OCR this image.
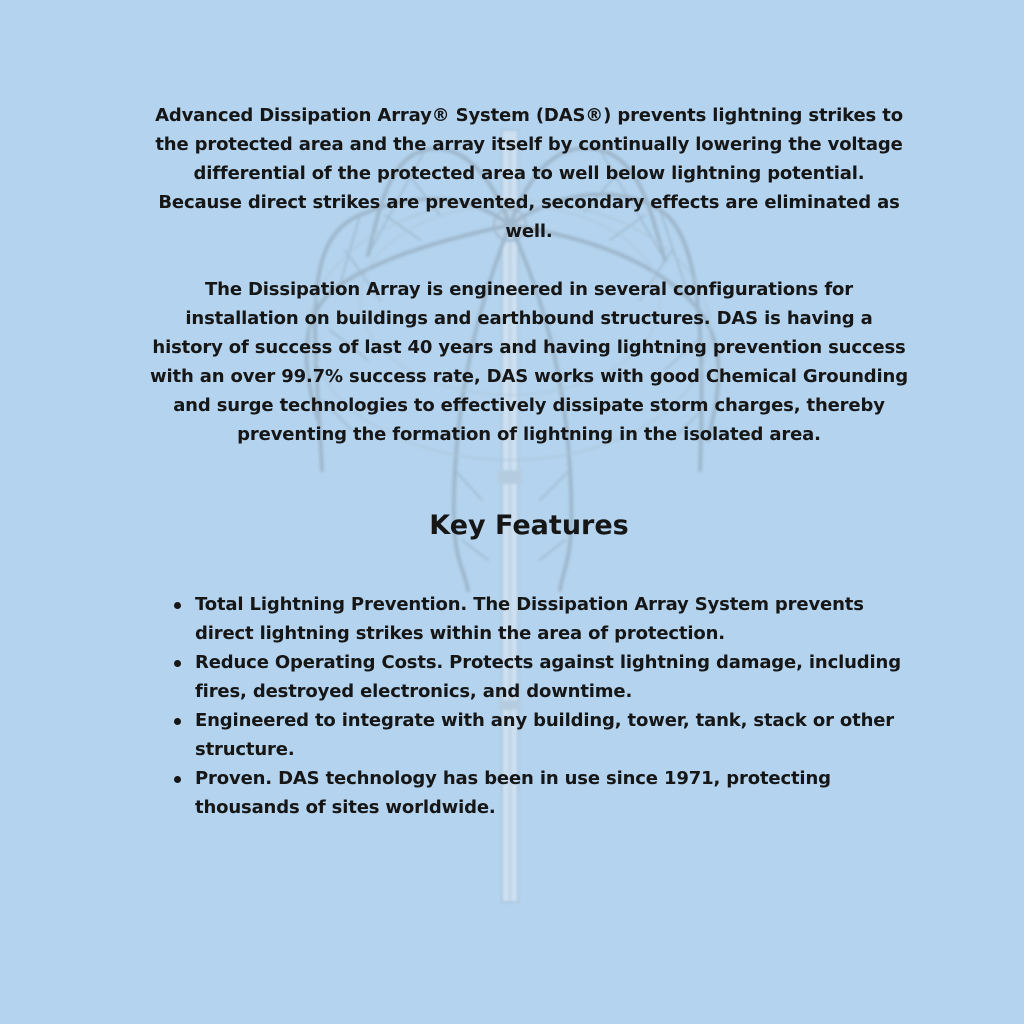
Advanced Dissipation Array® System (DAS®) prevents lightning strikes to the protected area and the array itself by continually lowering the voltage differential of the protected area to well below lightning potential. Because direct strikes are prevented, secondary effects are eliminated as well.

The Dissipation Array is engineered in several configurations for installation on buildings and earthbound structures. DAS is having a history of success of last 40 years and having lightning prevention success with an over 99.7% success rate, DAS works with good Chemical Grounding and surge technologies to effectively dissipate storm charges, thereby preventing the formation of lightning in the isolated area.

Key Features
Total Lightning Prevention. The Dissipation Array System prevents direct lightning strikes within the area of protection.
Reduce Operating Costs. Protects against lightning damage, including fires, destroyed electronics, and downtime.
Engineered to integrate with any building, tower, tank, stack or other structure.
Proven. DAS technology has been in use since 1971, protecting thousands of sites worldwide.
